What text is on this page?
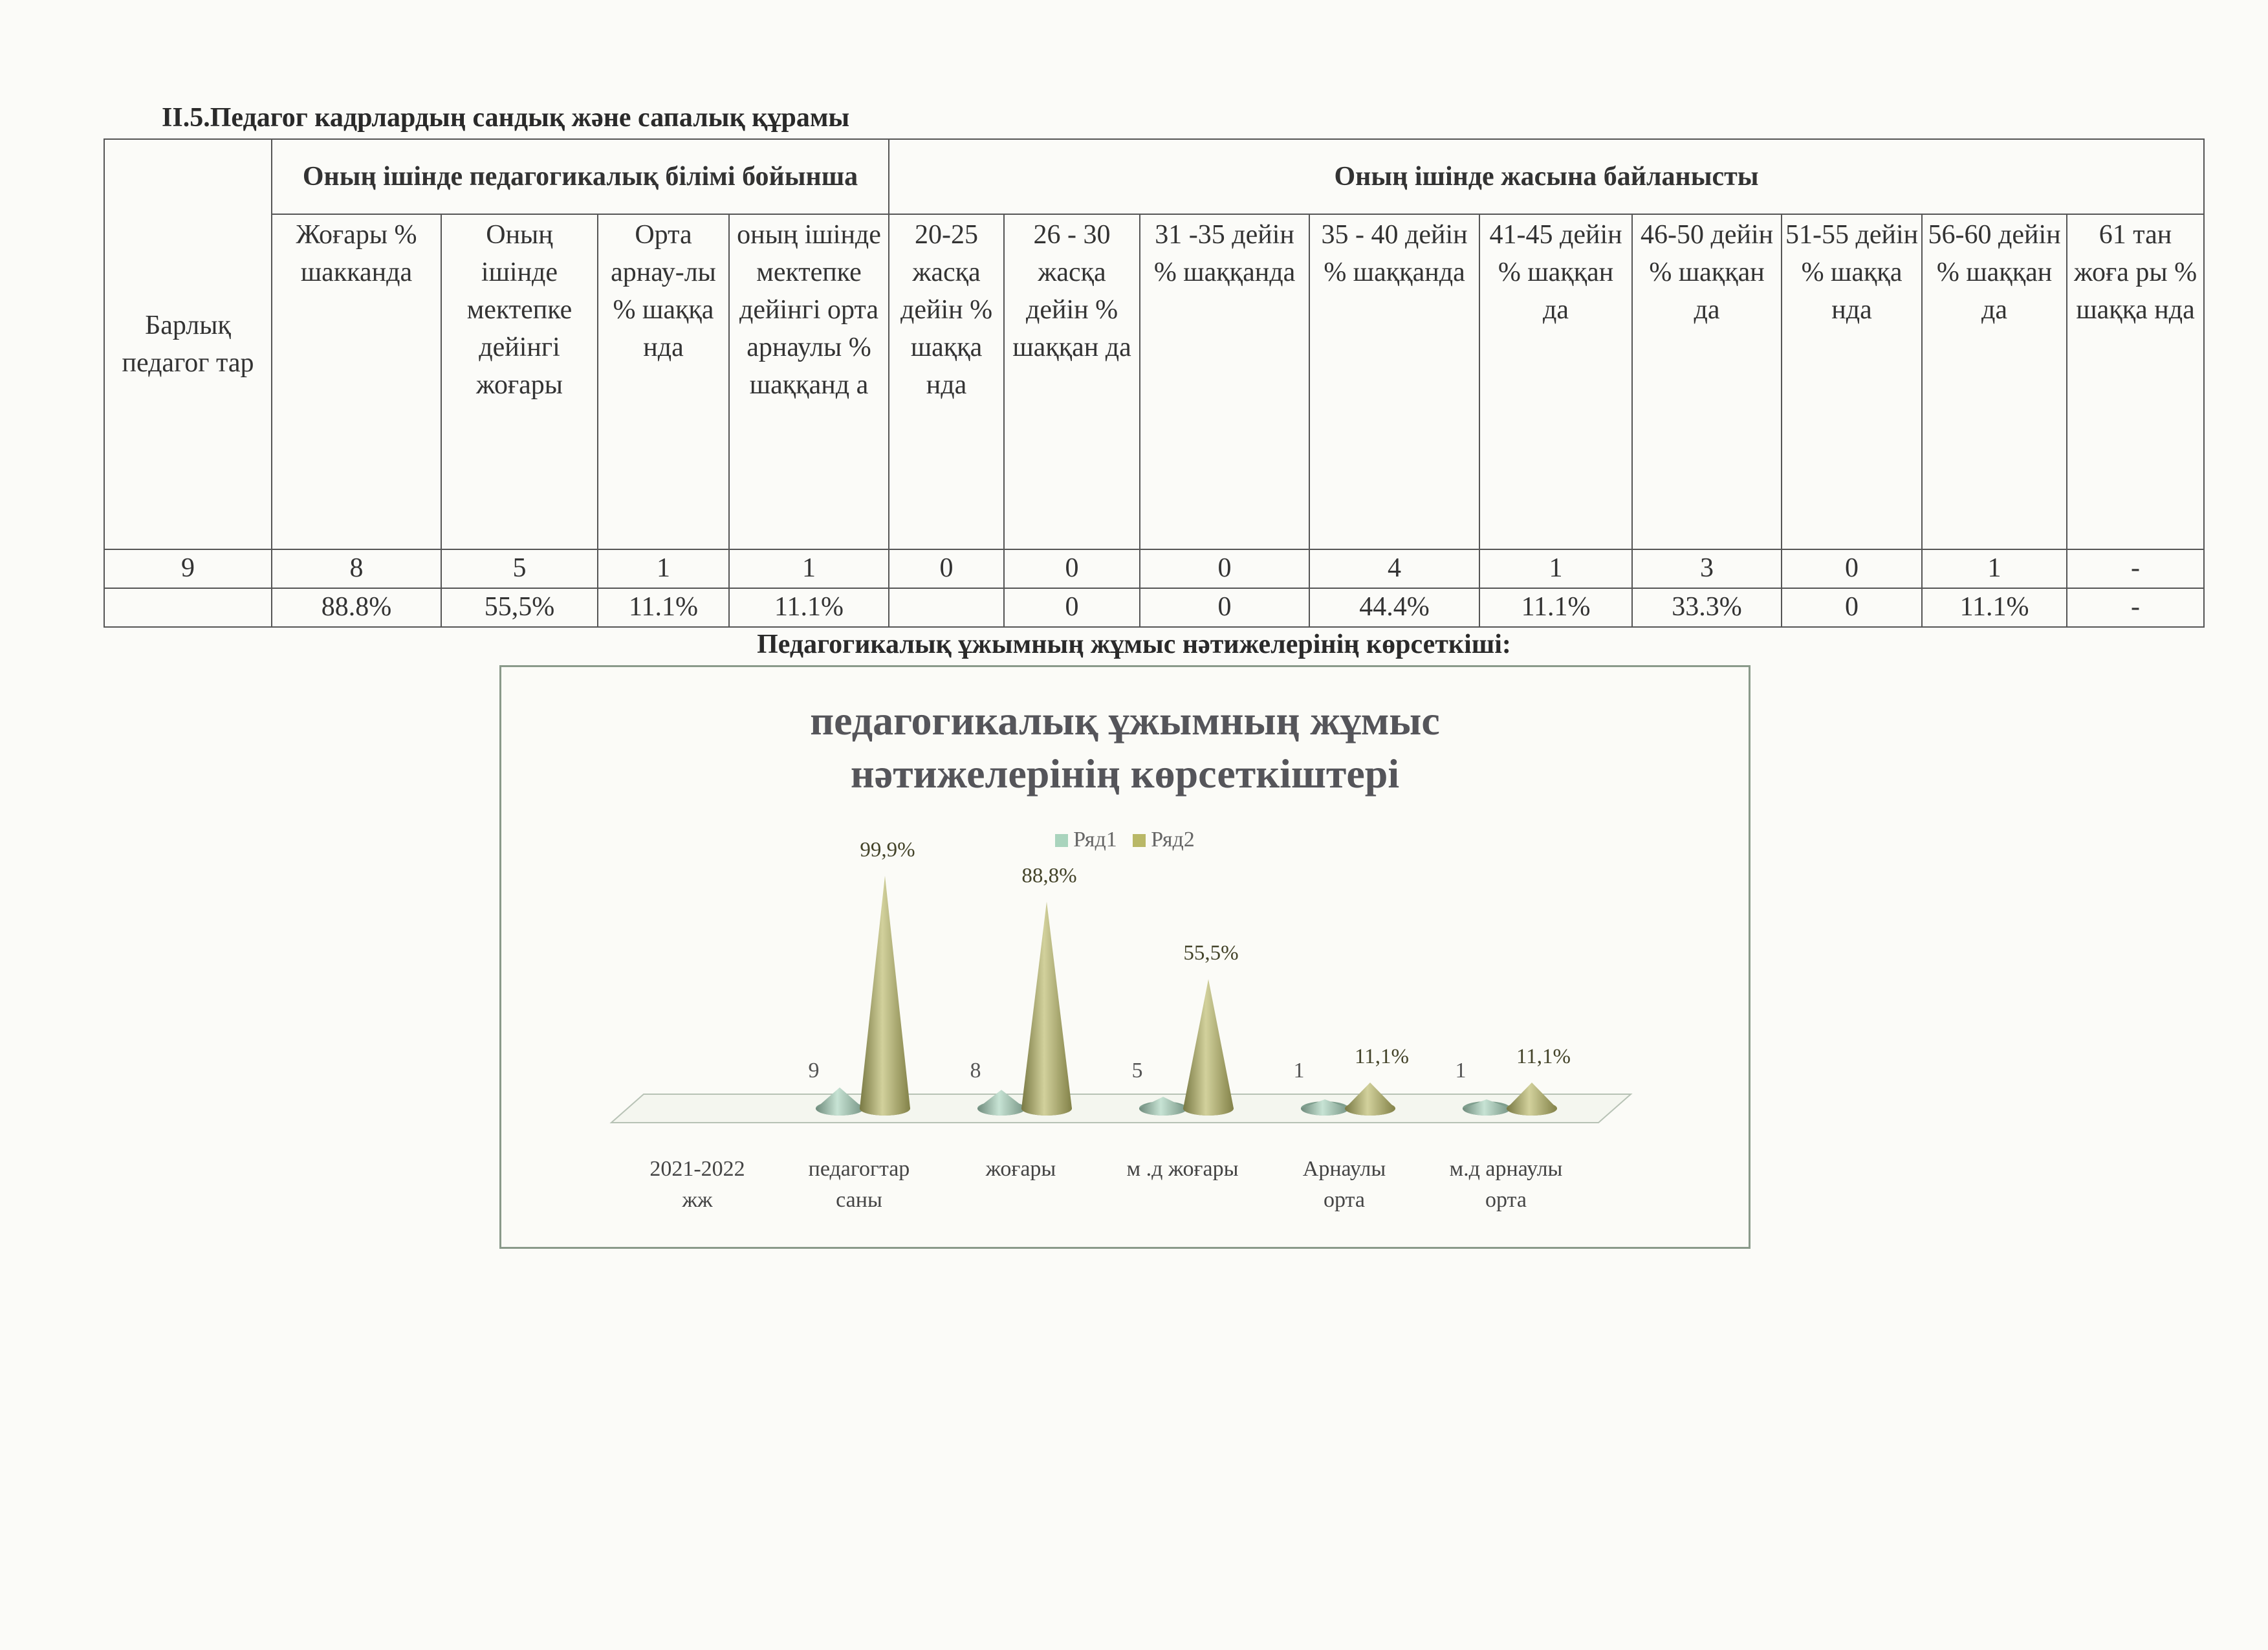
II.5.Педагог кадрлардың сандық және сапалық құрамы
Барлық педагог тар	Оның ішінде педагогикалық білімі бойынша				Оның ішінде жасына байланысты								
	Жоғары % шакканда	Оның ішінде мектепке дейінгі жоғары	Орта арнау-лы % шаққа нда	оның ішінде мектепке дейінгі орта арнаулы % шаққанд а	20-25 жасқа дейін % шаққа нда	26 - 30 жасқа дейін % шаққан да	31 -35 дейін % шаққанда	35 - 40 дейін % шаққанда	41-45 дейін % шаққан да	46-50 дейін % шаққан да	51-55 дейін % шаққа нда	56-60 дейін % шаққан да	61 тан жоға ры % шаққа нда
9	8	5	1	1	0	0	0	4	1	3	0	1	-
	88.8%	55,5%	11.1%	11.1%		0	0	44.4%	11.1%	33.3%	0	11.1%	-
Педагогикалық ұжымның жұмыс нәтижелерінің көрсеткіші:
педагогикалық ұжымның жұмыс
нәтижелерінің көрсеткіштері
Ряд1 Ряд2
2021-2022
жж
9
99,9%
педагогтар
саны
8
88,8%
жоғары
5
55,5%
м .д жоғары
1
11,1%
Арнаулы
орта
1
11,1%
м.д арнаулы
орта
